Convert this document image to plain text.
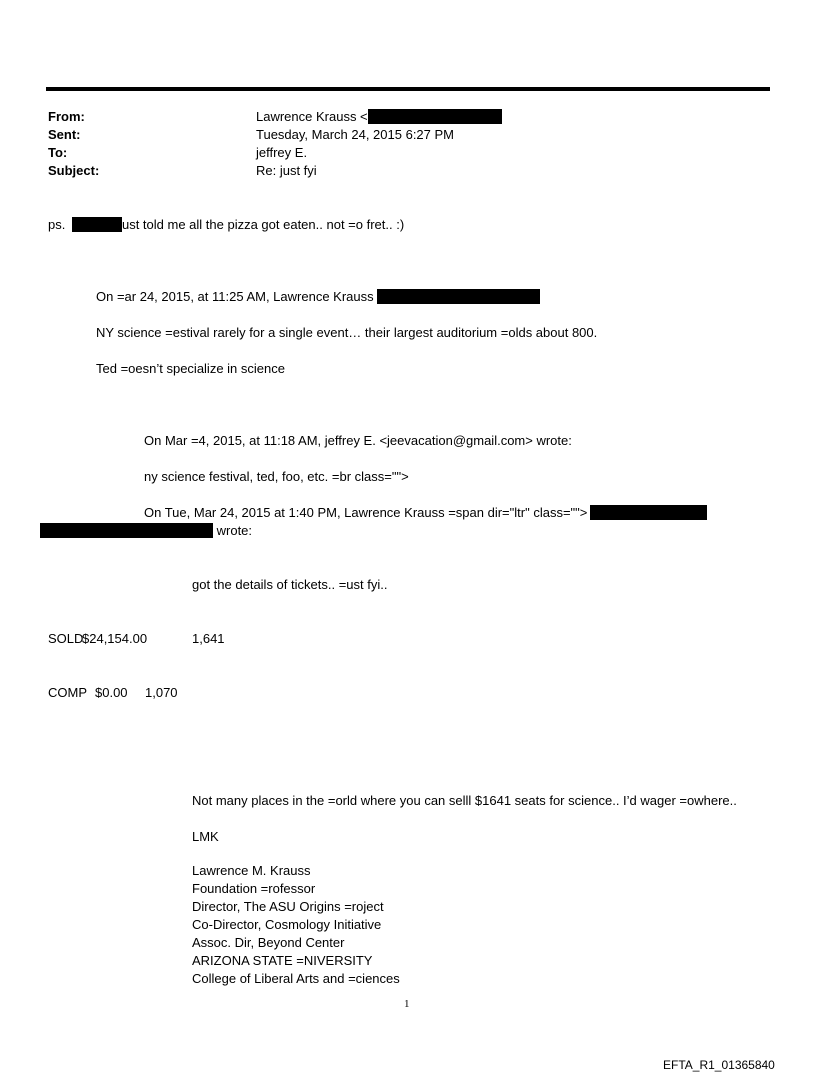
From:
Sent:
To:
Subject:
Lawrence Krauss <
Tuesday, March 24, 2015 6:27 PM
jeffrey E.
Re: just fyi
ps.	ust told me all the pizza got eaten.. not =o fret.. :)
On =ar 24, 2015, at 11:25 AM, Lawrence Krauss
NY science =estival rarely for a single event… their largest auditorium =olds about 800.
Ted =oesn’t specialize in science
On Mar =4, 2015, at 11:18 AM, jeffrey E. <jeevacation@gmail.com> wrote:
ny science festival, ted, foo, etc. =br class="">
On Tue, Mar 24, 2015 at 1:40 PM, Lawrence Krauss =span dir="ltr" class="">
wrote:
got the details of tickets.. =ust fyi..
SOLD
$24,154.00	1,641
COMP $0.00 1,070
Not many places in the =orld where you can selll $1641 seats for science.. I’d wager =owhere..
LMK
Lawrence M. Krauss
Foundation =rofessor
Director, The ASU Origins =roject
Co-Director, Cosmology Initiative
Assoc. Dir, Beyond Center
ARIZONA STATE =NIVERSITY
College of Liberal Arts and =ciences
1
EFTA_R1_01365840
